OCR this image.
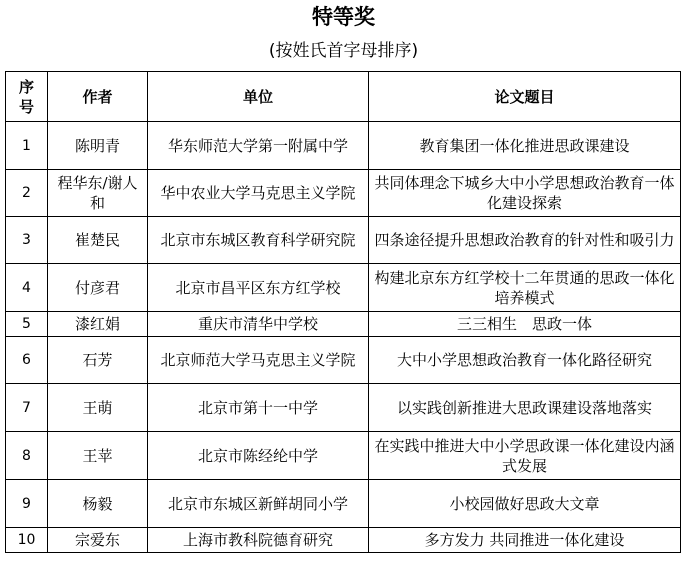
特等奖
(按姓氏首字母排序)
序号	作者	单位	论文题目
1	陈明青	华东师范大学第一附属中学	教育集团一体化推进思政课建设
2	程华东/谢人和	华中农业大学马克思主义学院	共同体理念下城乡大中小学思想政治教育一体化建设探索
3	崔楚民	北京市东城区教育科学研究院	四条途径提升思想政治教育的针对性和吸引力
4	付彦君	北京市昌平区东方红学校	构建北京东方红学校十二年贯通的思政一体化培养模式
5	漆红娟	重庆市清华中学校	三三相生　思政一体
6	石芳	北京师范大学马克思主义学院	大中小学思想政治教育一体化路径研究
7	王萌	北京市第十一中学	以实践创新推进大思政课建设落地落实
8	王苹	北京市陈经纶中学	在实践中推进大中小学思政课一体化建设内涵式发展
9	杨毅	北京市东城区新鲜胡同小学	小校园做好思政大文章
10	宗爱东	上海市教科院德育研究	多方发力 共同推进一体化建设
